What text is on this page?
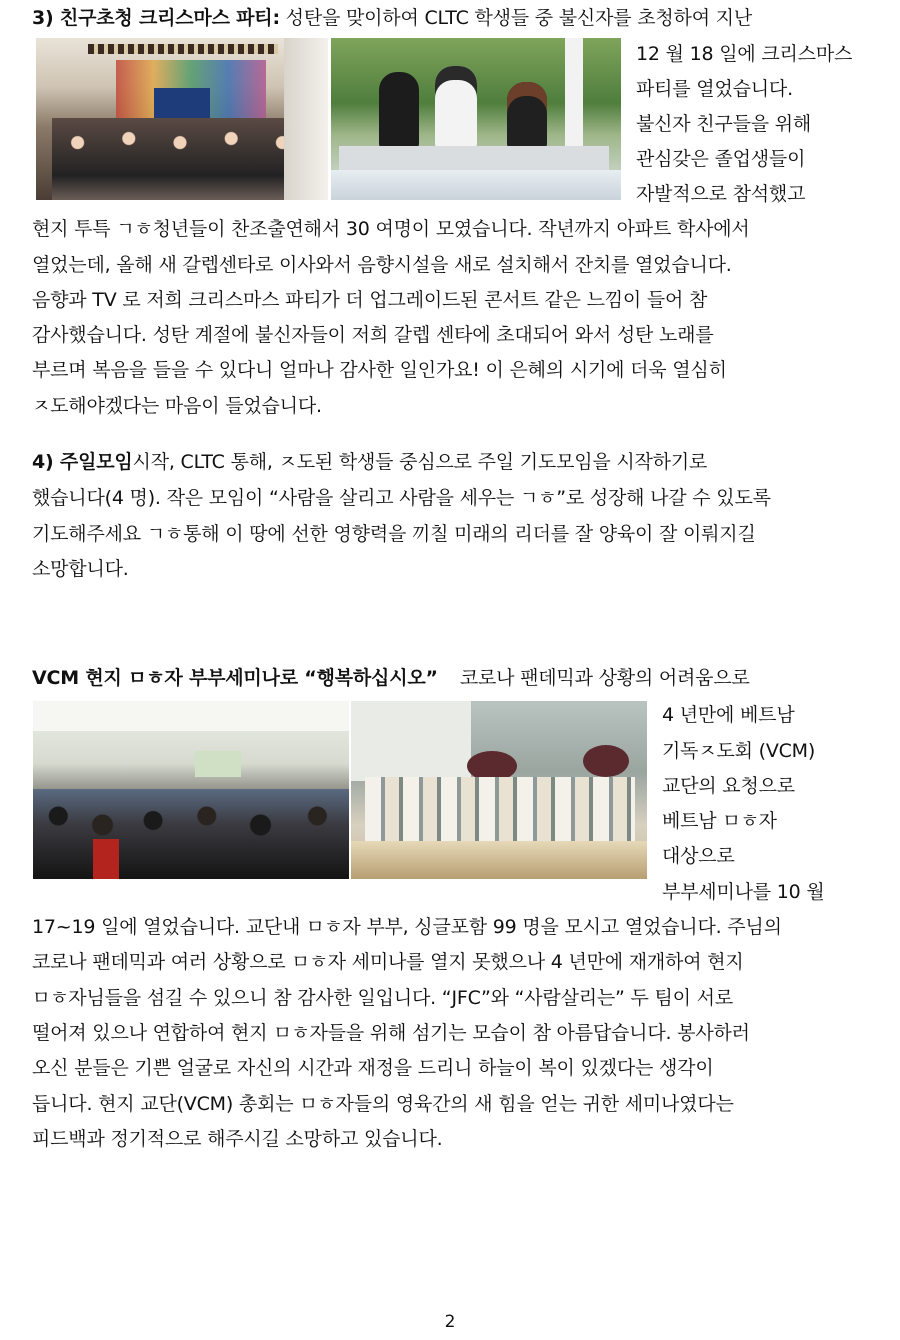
3) 친구초청 크리스마스 파티: 성탄을 맞이하여 CLTC 학생들 중 불신자를 초청하여 지난
12 월 18 일에 크리스마스
파티를 열었습니다.
불신자 친구들을 위해
관심갖은 졸업생들이
자발적으로 참석했고
현지 투특 ㄱㅎ청년들이 찬조출연해서 30 여명이 모였습니다. 작년까지 아파트 학사에서
열었는데, 올해 새 갈렙센타로 이사와서 음향시설을 새로 설치해서 잔치를 열었습니다.
음향과 TV 로 저희 크리스마스 파티가 더 업그레이드된 콘서트 같은 느낌이 들어 참
감사했습니다. 성탄 계절에 불신자들이 저희 갈렙 센타에 초대되어 와서 성탄 노래를
부르며 복음을 들을 수 있다니 얼마나 감사한 일인가요! 이 은혜의 시기에 더욱 열심히
ㅈ도해야겠다는 마음이 들었습니다.
4) 주일모임시작, CLTC 통해, ㅈ도된 학생들 중심으로 주일 기도모임을 시작하기로
했습니다(4 명). 작은 모임이 “사람을 살리고 사람을 세우는 ㄱㅎ”로 성장해 나갈 수 있도록
기도해주세요 ㄱㅎ통해 이 땅에 선한 영향력을 끼칠 미래의 리더를 잘 양육이 잘 이뤄지길
소망합니다.
VCM 현지 ㅁㅎ자 부부세미나로 “행복하십시오” 코로나 팬데믹과 상황의 어려움으로
4 년만에 베트남
기독ㅈ도회 (VCM)
교단의 요청으로
베트남 ㅁㅎ자
대상으로
부부세미나를 10 월
17~19 일에 열었습니다. 교단내 ㅁㅎ자 부부, 싱글포함 99 명을 모시고 열었습니다. 주님의
코로나 팬데믹과 여러 상황으로 ㅁㅎ자 세미나를 열지 못했으나 4 년만에 재개하여 현지
ㅁㅎ자님들을 섬길 수 있으니 참 감사한 일입니다. “JFC”와 “사람살리는” 두 팀이 서로
떨어져 있으나 연합하여 현지 ㅁㅎ자들을 위해 섬기는 모습이 참 아름답습니다. 봉사하러
오신 분들은 기쁜 얼굴로 자신의 시간과 재정을 드리니 하늘이 복이 있겠다는 생각이
듭니다. 현지 교단(VCM) 총회는 ㅁㅎ자들의 영육간의 새 힘을 얻는 귀한 세미나였다는
피드백과 정기적으로 해주시길 소망하고 있습니다.
2
